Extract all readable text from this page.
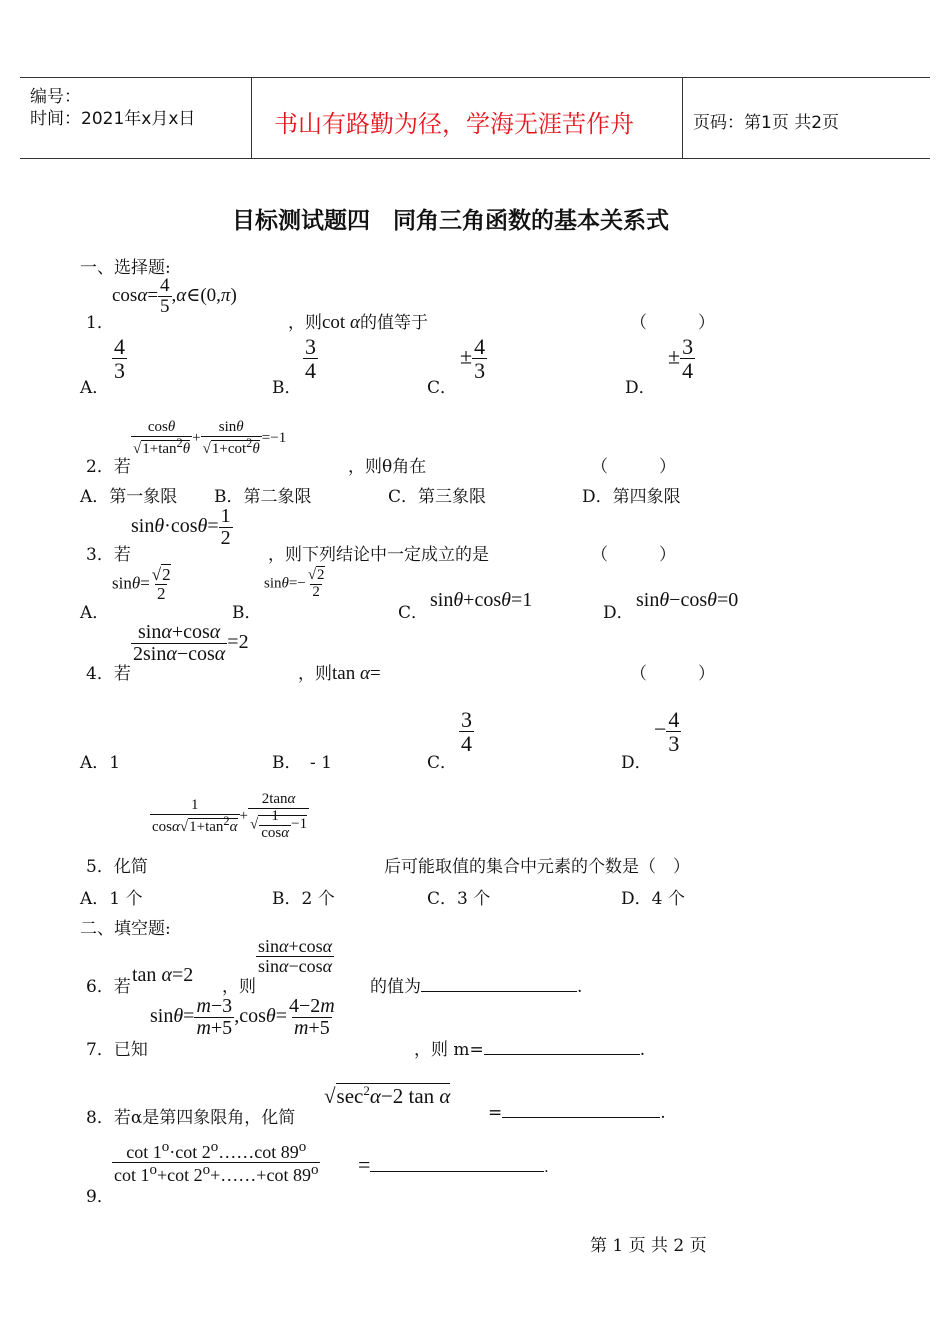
编号：
时间：2021年x月x日	书山有路勤为径，学海无涯苦作舟	页码：第1页 共2页
目标测试题四　同角三角函数的基本关系式
一、选择题:
1．
$\cos\alpha= \frac{4}{5}$ ,α∈(0,π)
，则cot α的值等于	（　　　）
A．
$\frac{4}{3}$
B．
$\frac{3}{4}$
C．
± $\frac{4}{3}$
D．
± $\frac{3}{4}$
2．若
$\frac{\cos\theta}{√1+\tan^2\theta} + \frac{\sin\theta}{√1+\cot^2\theta} =-1$
，则θ角在	（　　　）
A．第一象限 B．第二象限	C．第三象限	D．第四象限
3．若
$\sin\theta\cdot\cos\theta= \frac{1}{2}$
，则下列结论中一定成立的是	（　　　）
A．
$\sin\theta= \frac{√2}{2}$
B．
$\sin\theta=- \frac{√2}{2}$
C．
sinθ+cosθ=1
D．
sinθ−cosθ=0
4．若
$\frac{\sin\alpha+\cos\alpha}{2\sin\alpha-\cos\alpha} =2$
，则tan α=	（　　　）
A．1	B．　- 1	C．
$\frac{3}{4}$
D．
− $\frac{4}{3}$
5．化简
$\frac{1}{\cos\alpha√1+\tan^2\alpha} + \frac{2\tan\alpha}{√ \frac{1}{\cos\alpha} -1}$
后可能取值的集合中元素的个数是（　）
A．1 个	B．2 个	C．3 个	D．4 个
二、填空题:
6．若
tan α=2
，则
$\frac{\sin\alpha+\cos\alpha}{\sin\alpha-\cos\alpha}$
的值为	.
7．已知
$\sin\theta= \frac{m-3}{m+5} ,\cos\theta= \frac{4-2m}{m+5}$
，则 m=	.
8．若α是第四象限角，化简
$√\sec^2\alpha-2$ tan α
=	.
9．
$\frac{\cot 1^o\cdot\cot 2^o\dots\dots\cot 89^o}{\cot 1^o+\cot 2^o+\dots\dots+\cot 89^o}$ =	.
第 1 页 共 2 页
